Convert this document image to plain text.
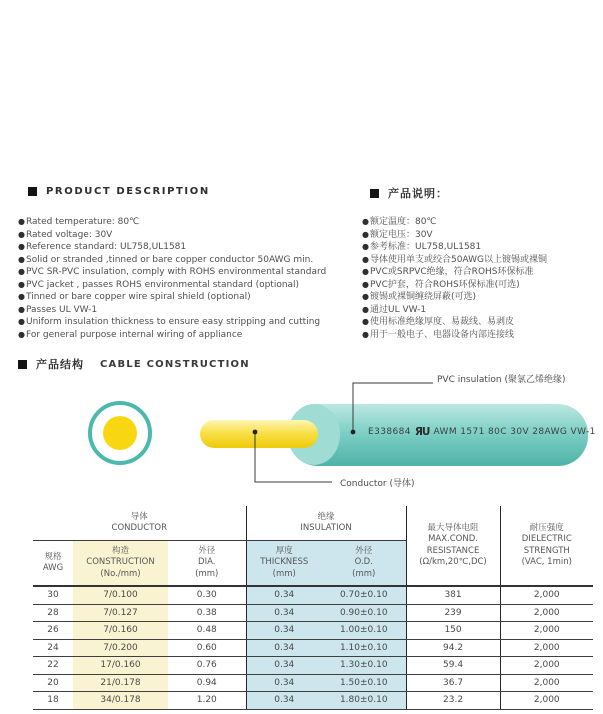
PRODUCT DESCRIPTION
●Rated temperature: 80℃
●Rated voltage: 30V
●Reference standard: UL758,UL1581
●Solid or stranded ,tinned or bare copper conductor 50AWG min.
●PVC SR-PVC insulation, comply with ROHS environmental standard
●PVC jacket , passes ROHS environmental standard (optional)
●Tinned or bare copper wire spiral shield (optional)
●Passes UL VW-1
●Uniform insulation thickness to ensure easy stripping and cutting
●For general purpose internal wiring of appliance
产品说明：
●额定温度：80℃
●额定电压：30V
●参考标准：UL758,UL1581
●导体使用单支或绞合50AWG以上镀锡或裸铜
●PVC或SRPVC绝缘，符合ROHS环保标准
●PVC护套，符合ROHS环保标准(可选)
●镀锡或裸铜缠绕屏蔽(可选)
●通过UL VW-1
●使用标准绝缘厚度、易裁线、易剥皮
●用于一般电子、电器设备内部连接线
产品结构 CABLE CONSTRUCTION
E338684 ЯU AWM 1571 80C 30V 28AWG VW-1
PVC insulation (聚氯乙烯绝缘)
Conductor (导体)
导体
CONDUCTOR

绝缘
INSULATION	最大导体电阻
MAX.COND.
RESISTANCE
(Ω/km,20℃,DC)

耐压强度
DIELECTRIC
STRENGTH
(VAC, 1min)

规格
AWG

构造
CONSTRUCTION
(No./mm)

外径
DIA.
(mm)

厚度
THICKNESS
(mm)

外径
O.D.
(mm)

30	7/0.100	0.30	0.34	0.70±0.10	381	2,000
28	7/0.127	0.38	0.34	0.90±0.10	239	2,000
26	7/0.160	0.48	0.34	1.00±0.10	150	2,000
24	7/0.200	0.60	0.34	1.10±0.10	94.2	2,000
22	17/0.160	0.76	0.34	1.30±0.10	59.4	2,000
20	21/0.178	0.94	0.34	1.50±0.10	36.7	2,000
18	34/0.178	1.20	0.34	1.80±0.10	23.2	2,000
